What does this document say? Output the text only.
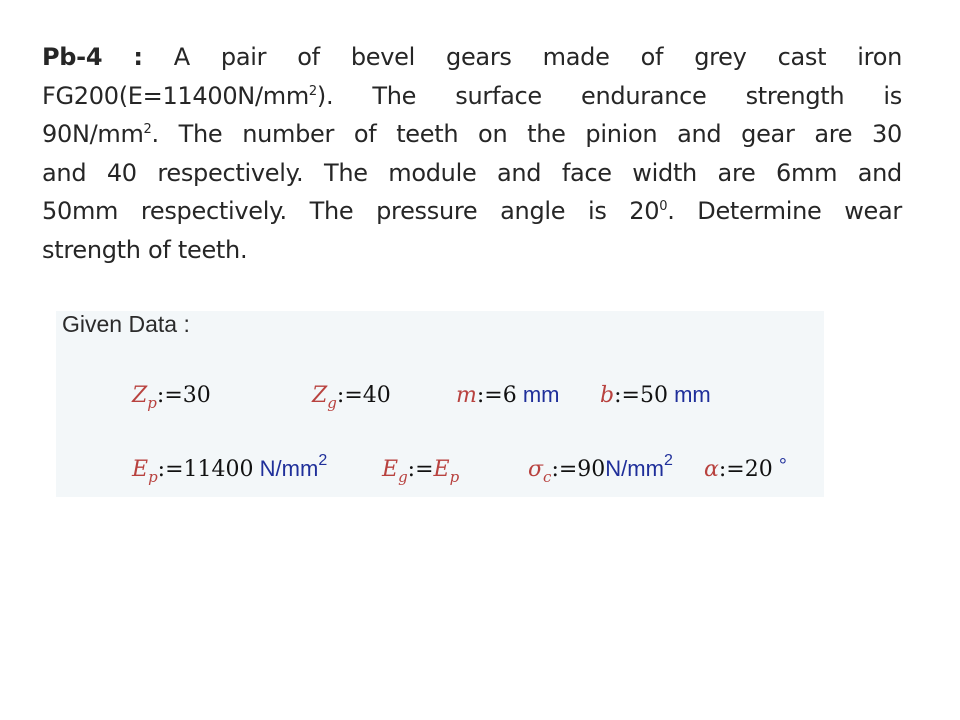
Pb-4 : A pair of bevel gears made of grey cast iron
$FG200(E=11400N/mm^2)$. The surface endurance strength is
$90N/mm^2$. The number of teeth on the pinion and gear are 30
and 40 respectively. The module and face width are 6mm and
50mm respectively. The pressure angle is $20^0$. Determine wear
strength of teeth.
Given Data :
$Z_p:=30$	$Z_g:=40$	m:=6 mm b:=50 mm
$E_p:=11400$ $N/mm^2$ $E_g:=E_p$	$\sigma_c:=90N/mm^2$ α:=20 °
